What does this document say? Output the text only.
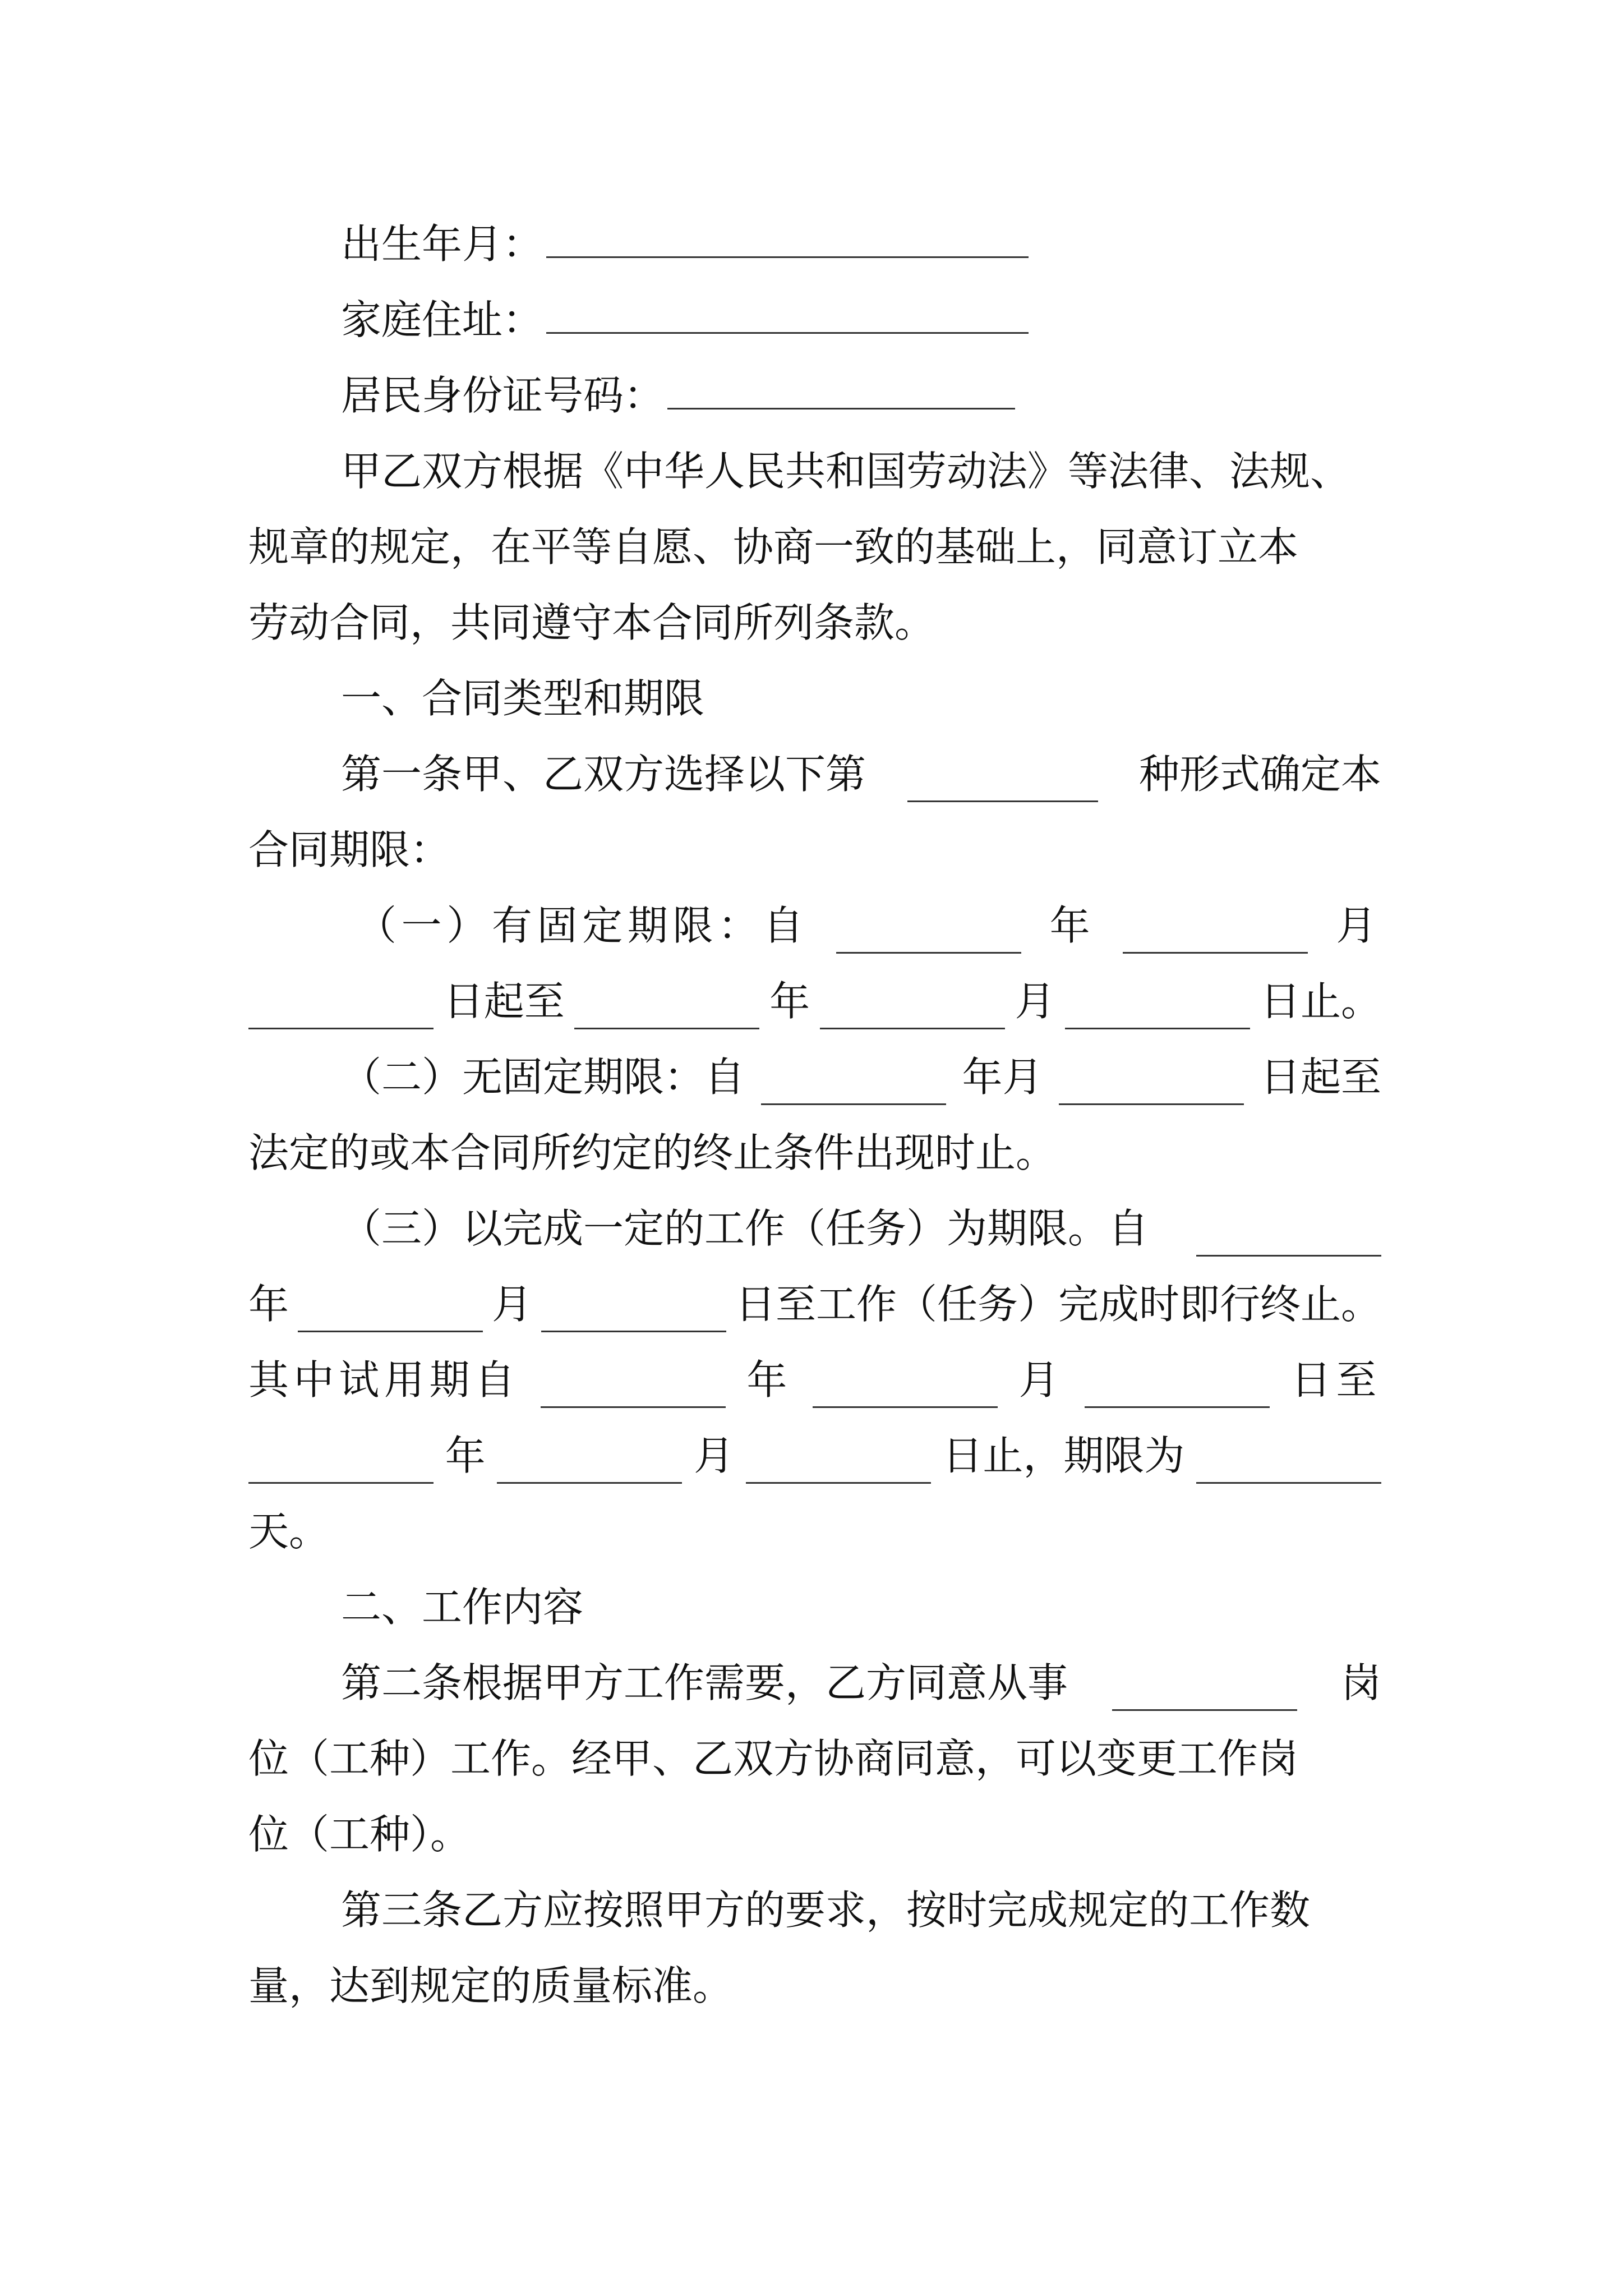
出生年月：
家庭住址：
居民身份证号码：
甲乙双方根据《中华人民共和国劳动法》等法律、法规、
规章的规定，在平等自愿、协商一致的基础上，同意订立本
劳动合同，共同遵守本合同所列条款。
一、合同类型和期限
第一条甲、乙双方选择以下第	种形式确定本
合同期限：
（一）有固定期限：自	年	月
日起至	年	月	日止。
（二）无固定期限：自	年月	日起至
法定的或本合同所约定的终止条件出现时止。
（三）以完成一定的工作（任务）为期限。自
年	月	日至工作（任务）完成时即行终止。
其中试用期自	年	月	日至
年	月	日止，期限为
天。
二、工作内容
第二条根据甲方工作需要，乙方同意从事	岗
位（工种）工作。经甲、乙双方协商同意，可以变更工作岗
位（工种）。
第三条乙方应按照甲方的要求，按时完成规定的工作数
量，达到规定的质量标准。
